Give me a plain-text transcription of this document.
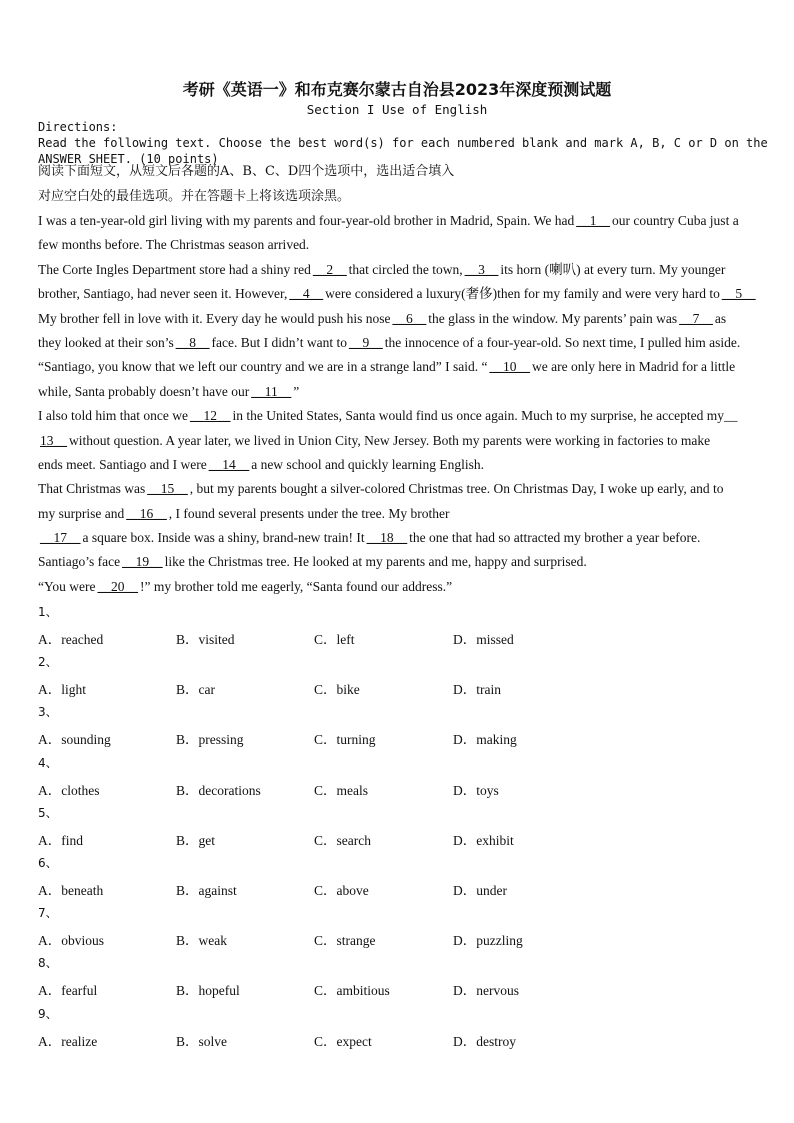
考研《英语一》和布克赛尔蒙古自治县2023年深度预测试题
Section I Use of English
Directions:
Read the following text. Choose the best word(s) for each numbered blank and mark A, B, C or D on the
ANSWER SHEET. (10 points)
阅读下面短文，从短文后各题的A、B、C、D四个选项中，选出适合填入
对应空白处的最佳选项。并在答题卡上将该选项涂黑。
I was a ten-year-old girl living with my parents and four-year-old brother in Madrid, Spain. We had __1__ our country Cuba just a
few months before. The Christmas season arrived.
The Corte Ingles Department store had a shiny red __2__ that circled the town, __3__ its horn (喇叭) at every turn. My younger
brother, Santiago, had never seen it. However, __4__ were considered a luxury(奢侈)then for my family and were very hard to __5__
My brother fell in love with it. Every day he would push his nose __6__ the glass in the window. My parents’ pain was __7__ as
they looked at their son’s __8__ face. But I didn’t want to __9__ the innocence of a four-year-old. So next time, I pulled him aside.
“Santiago, you know that we left our country and we are in a strange land” I said. “ __10__ we are only here in Madrid for a little
while, Santa probably doesn’t have our __11__ ”
I also told him that once we __12__ in the United States, Santa would find us once again. Much to my surprise, he accepted my__
13__ without question. A year later, we lived in Union City, New Jersey. Both my parents were working in factories to make
ends meet. Santiago and I were __14__ a new school and quickly learning English.
That Christmas was __15__ , but my parents bought a silver-colored Christmas tree. On Christmas Day, I woke up early, and to
my surprise and __16__ , I found several presents under the tree. My brother
__17__ a square box. Inside was a shiny, brand-new train! It __18__ the one that had so attracted my brother a year before.
Santiago’s face __19__ like the Christmas tree. He looked at my parents and me, happy and surprised.
“You were __20__ !” my brother told me eagerly, “Santa found our address.”
1、
A．reached	B．visited	C．left	D．missed
2、
A．light	B．car	C．bike	D．train
3、
A．sounding	B．pressing	C．turning	D．making
4、
A．clothes	B．decorations	C．meals	D．toys
5、
A．find	B．get	C．search	D．exhibit
6、
A．beneath	B．against	C．above	D．under
7、
A．obvious	B．weak	C．strange	D．puzzling
8、
A．fearful	B．hopeful	C．ambitious	D．nervous
9、
A．realize	B．solve	C．expect	D．destroy
